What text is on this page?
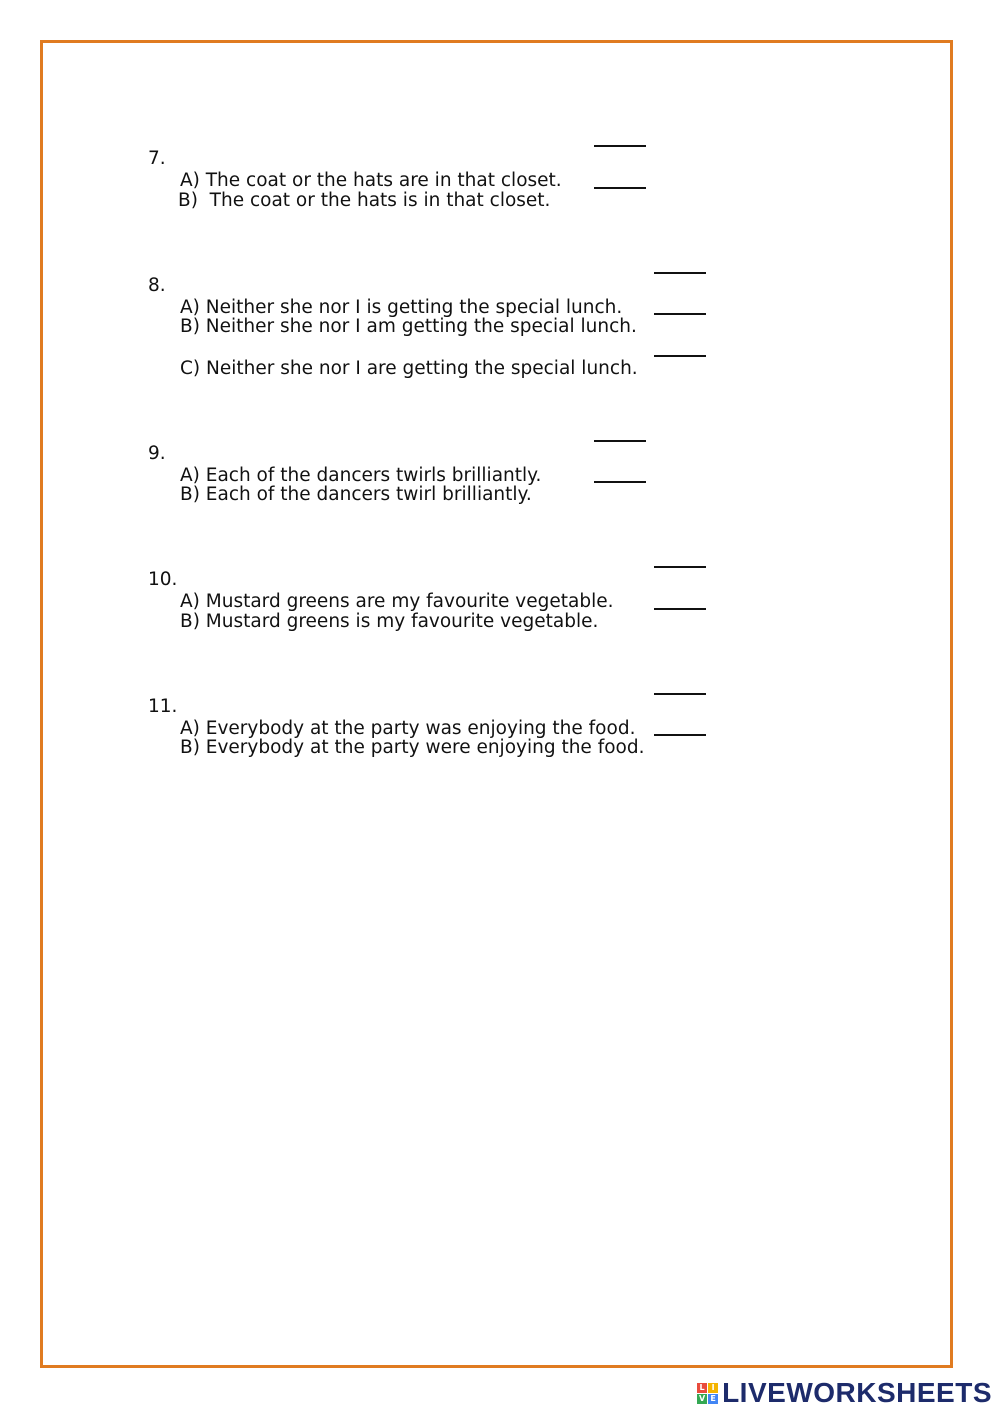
7.

A) The coat or the hats are in that closet.

B)  The coat or the hats is in that closet.

8.

A) Neither she nor I is getting the special lunch.

B) Neither she nor I am getting the special lunch.

C) Neither she nor I are getting the special lunch.

9.

A) Each of the dancers twirls brilliantly.

B) Each of the dancers twirl brilliantly.

10.

A) Mustard greens are my favourite vegetable.

B) Mustard greens is my favourite vegetable.

11.

A) Everybody at the party was enjoying the food.

B) Everybody at the party were enjoying the food.

L I
V E LIVEWORKSHEETS
